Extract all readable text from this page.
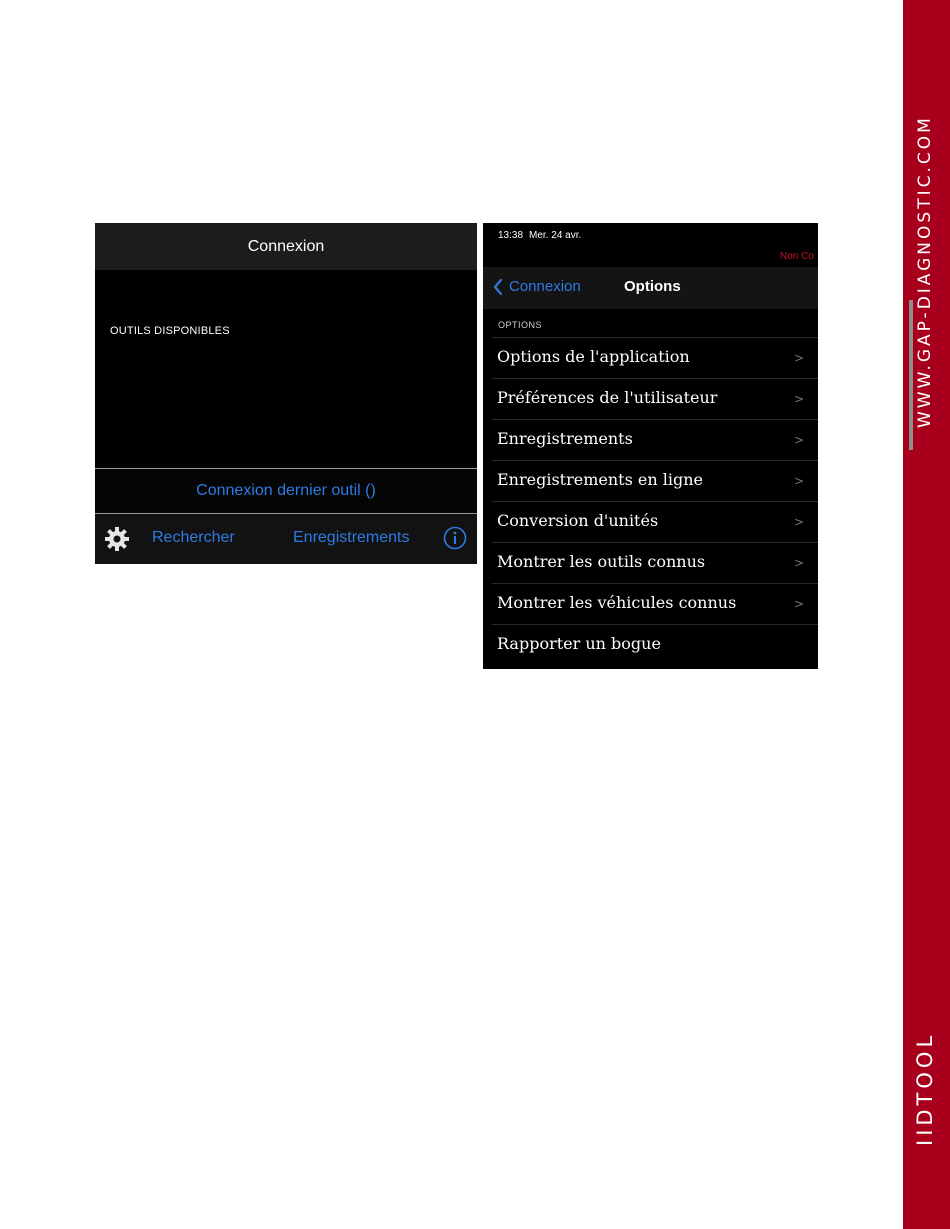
WWW.GAP-DIAGNOSTIC.COM
IIDTOOL
Connexion
OUTILS DISPONIBLES
Connexion dernier outil ()
Rechercher	Enregistrements
13:38 Mer. 24 avr.
Non Co
Connexion	Options
OPTIONS
Options de l'application	>
Préférences de l'utilisateur	>
Enregistrements	>
Enregistrements en ligne	>
Conversion d'unités	>
Montrer les outils connus	>
Montrer les véhicules connus	>
Rapporter un bogue
